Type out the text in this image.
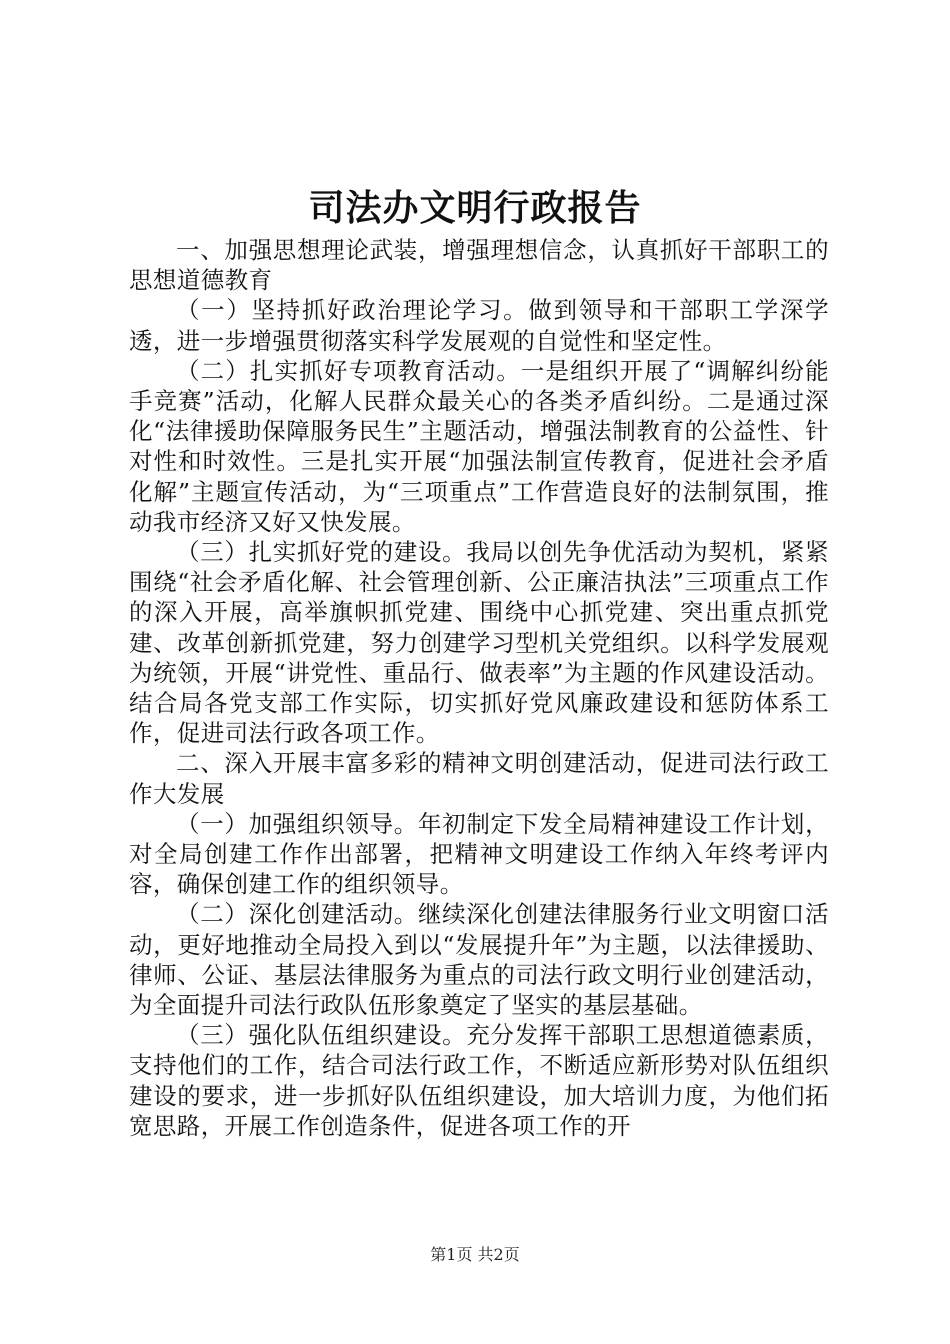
司法办文明行政报告

一、加强思想理论武装，增强理想信念，认真抓好干部职工的思想道德教育

（一）坚持抓好政治理论学习。做到领导和干部职工学深学透，进一步增强贯彻落实科学发展观的自觉性和坚定性。

（二）扎实抓好专项教育活动。一是组织开展了“调解纠纷能手竞赛”活动，化解人民群众最关心的各类矛盾纠纷。二是通过深化“法律援助保障服务民生”主题活动，增强法制教育的公益性、针对性和时效性。三是扎实开展“加强法制宣传教育，促进社会矛盾化解”主题宣传活动，为“三项重点”工作营造良好的法制氛围，推动我市经济又好又快发展。

（三）扎实抓好党的建设。我局以创先争优活动为契机，紧紧围绕“社会矛盾化解、社会管理创新、公正廉洁执法”三项重点工作的深入开展，高举旗帜抓党建、围绕中心抓党建、突出重点抓党建、改革创新抓党建，努力创建学习型机关党组织。以科学发展观为统领，开展“讲党性、重品行、做表率”为主题的作风建设活动。结合局各党支部工作实际，切实抓好党风廉政建设和惩防体系工作，促进司法行政各项工作。

二、深入开展丰富多彩的精神文明创建活动，促进司法行政工作大发展

（一）加强组织领导。年初制定下发全局精神建设工作计划，对全局创建工作作出部署，把精神文明建设工作纳入年终考评内容，确保创建工作的组织领导。

（二）深化创建活动。继续深化创建法律服务行业文明窗口活动，更好地推动全局投入到以“发展提升年”为主题，以法律援助、律师、公证、基层法律服务为重点的司法行政文明行业创建活动，为全面提升司法行政队伍形象奠定了坚实的基层基础。

（三）强化队伍组织建设。充分发挥干部职工思想道德素质，支持他们的工作，结合司法行政工作，不断适应新形势对队伍组织建设的要求，进一步抓好队伍组织建设，加大培训力度，为他们拓宽思路，开展工作创造条件，促进各项工作的开

第1页 共2页
